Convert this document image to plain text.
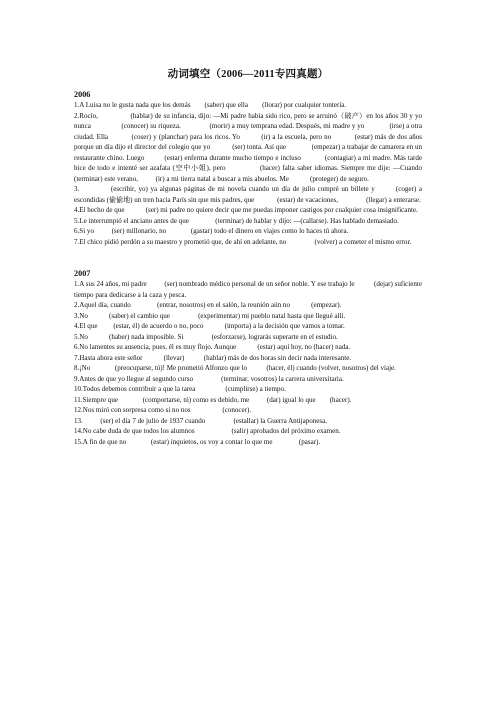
动词填空（2006—2011专四真题）
2006
1.A Luisa no le gusta nada que los demás        (saber) que ella        (llorar) por cualquier tontería.
2.Rocío,                (hablar) de su infancia, dijo: —Mi padre había sido rico, pero se arruinó（破产）en los años 30 y yo nunca                 (conocer) su riqueza.                (morir) a muy temprana edad. Después, mi madre y yo              (irse) a otra ciudad. Ella           (coser) y (planchar) para los ricos. Yo          (ir) a la escuela, pero no           (estar) más de dos años porque un día dijo el director del colegio que yo            (ser) tonta. Así que              (empezar) a trabajar de camarera en un restaurante chino. Luego          (estar) enferma durante mucho tiempo e incluso            (contagiar) a mi madre. Más tarde hice de todo e intenté ser azafata (空中小姐), pero              (hacer) falta saber idiomas. Siempre me dije: —Cuando             (terminar) este verano,          (ir) a mi tierra natal a buscar a mis abuelos. Me            (proteger) de seguro.
3.            (escribir, yo) ya algunas páginas de mi novela cuando un día de julio compré un billete y        (coger) a escondidas (偷偷地) un tren hacia París sin que mis padres, que             (estar) de vacaciones,                (llegar) a enterarse.
4.El hecho de que            (ser) mi padre no quiere decir que me puedas imponer castigos por cualquier cosa insignificante.
5.Le interrumpió el anciano antes de que               (terminar) de hablar y dijo: —(callarse). Has hablado demasiado.
6.Si yo          (ser) millonario, no              (gastar) todo el dinero en viajes como lo haces tú ahora.
7.El chico pidió perdón a su maestro y prometió que, de ahí en adelante, no                (volver) a cometer el mismo error.
2007
1.A sus 24 años, mi padre          (ser) nombrado médico personal de un señor noble. Y ese trabajo le           (dejar) suficiente tiempo para dedicarse a la caza y pesca.
2.Aquel día, cuando               (entrar, nosotros) en el salón, la reunión aún no            (empezar).
3.No            (saber) el cambio que                (experimentar) mi pueblo natal hasta que llegué allí.
4.El que         (estar, él) de acuerdo o no, poco            (importa) a la decisión que vamos a tomar.
5.No            (haber) nada imposible. Si                (esforzarse), lograrás superarte en el estudio.
6.No lamentes su ausencia, pues, él es muy flojo. Aunque            (estar) aquí hoy, no (hacer) nada.
7.Hasta ahora este señor            (llevar)           (hablar) más de dos horas sin decir nada interesante.
8.¡No              (preocuparse, tú)! Me prometió Alfonzo que lo           (hacer, él) cuando (volver, nosotros) del viaje.
9.Antes de que yo llegue al segundo curso                (terminar, vosotros) la carrera universitaria.
10.Todos debemos contribuir a que la tarea                 (cumplirse) a tiempo.
11.Siempre que              (comportarse, tú) como es debido, me          (dar) igual lo que        (hacer).
12.Nos miró con sorpresa como si no nos                  (conocer).
13.          (ser) el día 7 de julio de 1937 cuando                (estallar) la Guerra Antijaponesa.
14.No cabe duda de que todos los alumnos                     (salir) aprobados del próximo examen.
15.A fin de que no              (estar) inquietos, os voy a contar lo que me               (pasar).
